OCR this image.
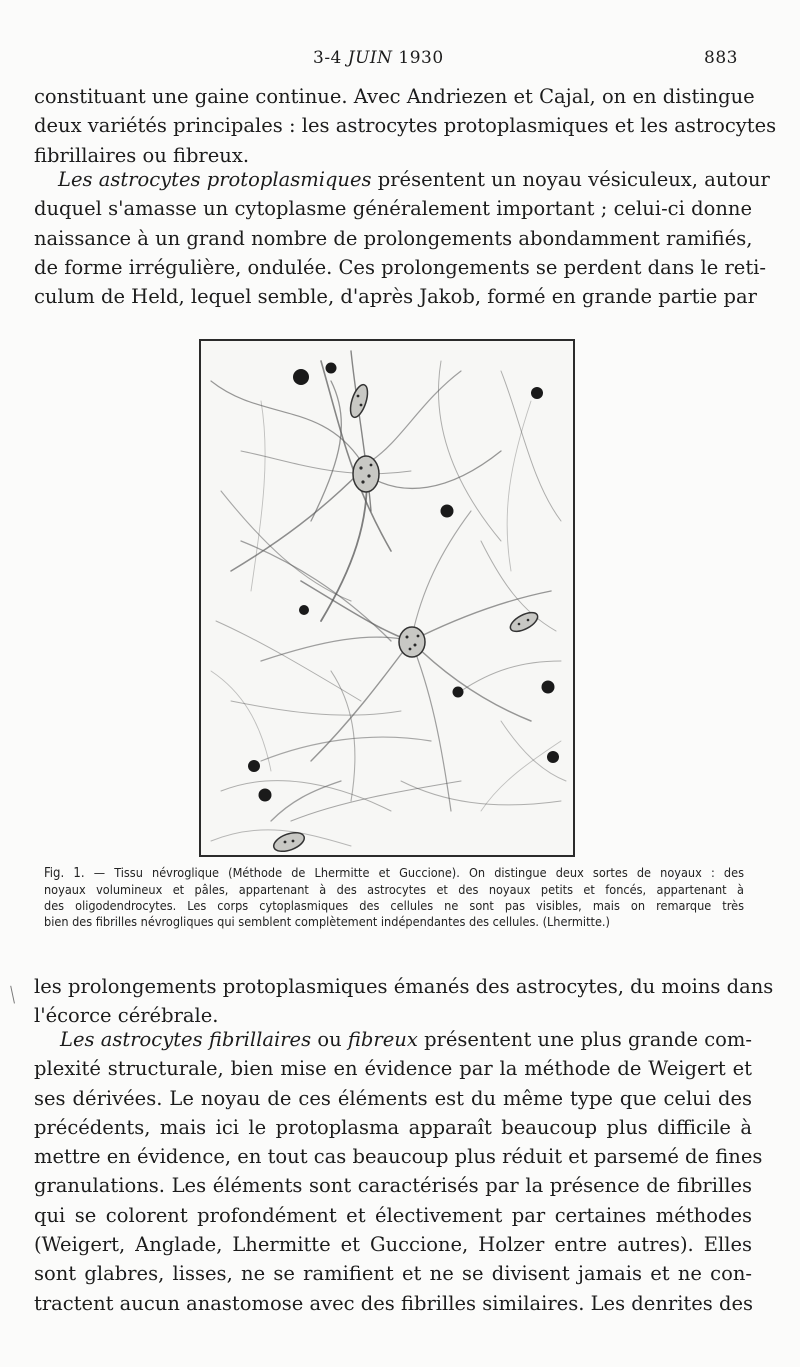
3-4 JUIN 1930	883
constituant une gaine continue. Avec Andriezen et Cajal, on en distingue
deux variétés principales : les astrocytes protoplasmiques et les astrocytes
fibrillaires ou fibreux.
Les astrocytes protoplasmiques présentent un noyau vésiculeux, autour
duquel s'amasse un cytoplasme généralement important ; celui-ci donne
naissance à un grand nombre de prolongements abondamment ramifiés,
de forme irrégulière, ondulée. Ces prolongements se perdent dans le reti-
culum de Held, lequel semble, d'après Jakob, formé en grande partie par
Fig. 1. — Tissu névroglique (Méthode de Lhermitte et Guccione). On distingue deux sortes de noyaux : des
noyaux volumineux et pâles, appartenant à des astrocytes et des noyaux petits et foncés, appartenant à
des oligodendrocytes. Les corps cytoplasmiques des cellules ne sont pas visibles, mais on remarque très
bien des fibrilles névrogliques qui semblent complètement indépendantes des cellules. (Lhermitte.)
les prolongements protoplasmiques émanés des astrocytes, du moins dans
l'écorce cérébrale.
Les astrocytes fibrillaires ou fibreux présentent une plus grande com-
plexité structurale, bien mise en évidence par la méthode de Weigert et
ses dérivées. Le noyau de ces éléments est du même type que celui des
précédents, mais ici le protoplasma apparaît beaucoup plus difficile à
mettre en évidence, en tout cas beaucoup plus réduit et parsemé de fines
granulations. Les éléments sont caractérisés par la présence de fibrilles
qui se colorent profondément et électivement par certaines méthodes
(Weigert, Anglade, Lhermitte et Guccione, Holzer entre autres). Elles
sont glabres, lisses, ne se ramifient et ne se divisent jamais et ne con-
tractent aucun anastomose avec des fibrilles similaires. Les denrites des
